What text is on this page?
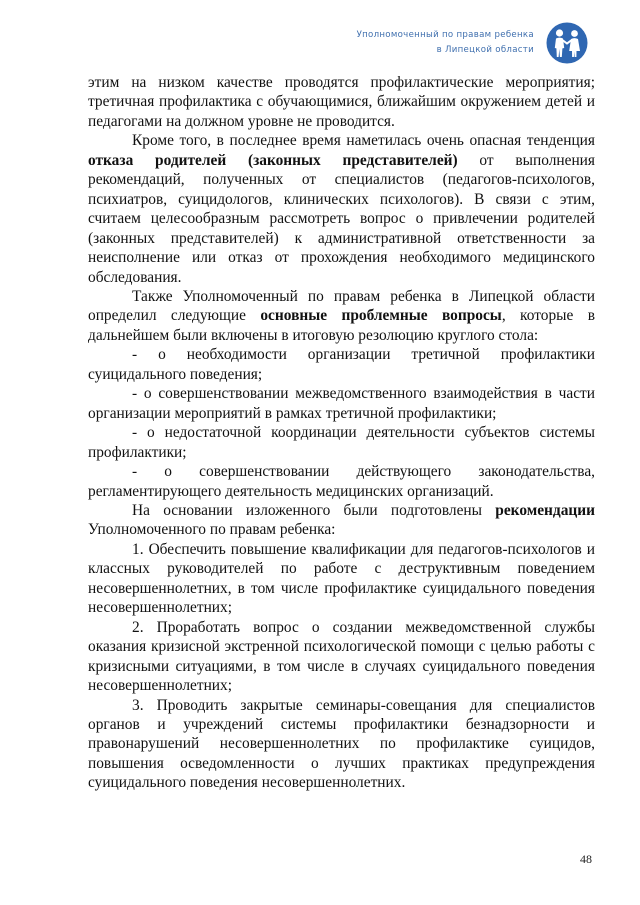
Уполномоченный по правам ребенка
в Липецкой области

этим на низком качестве проводятся профилактические мероприятия; третичная профилактика с обучающимися, ближайшим окружением детей и педагогами на должном уровне не проводится.

Кроме того, в последнее время наметилась очень опасная тенденция отказа родителей (законных представителей) от выполнения рекомендаций, полученных от специалистов (педагогов-психологов, психиатров, суицидологов, клинических психологов). В связи с этим, считаем целесообразным рассмотреть вопрос о привлечении родителей (законных представителей) к административной ответственности за неисполнение или отказ от прохождения необходимого медицинского обследования.

Также Уполномоченный по правам ребенка в Липецкой области определил следующие основные проблемные вопросы, которые в дальнейшем были включены в итоговую резолюцию круглого стола:

- о необходимости организации третичной профилактики суицидального поведения;

- о совершенствовании межведомственного взаимодействия в части организации мероприятий в рамках третичной профилактики;

- о недостаточной координации деятельности субъектов системы профилактики;

- о совершенствовании действующего законодательства, регламентирующего деятельность медицинских организаций.

На основании изложенного были подготовлены рекомендации Уполномоченного по правам ребенка:

1. Обеспечить повышение квалификации для педагогов-психологов и классных руководителей по работе с деструктивным поведением несовершеннолетних, в том числе профилактике суицидального поведения несовершеннолетних;

2. Проработать вопрос о создании межведомственной службы оказания кризисной экстренной психологической помощи с целью работы с кризисными ситуациями, в том числе в случаях суицидального поведения несовершеннолетних;

3. Проводить закрытые семинары-совещания для специалистов органов и учреждений системы профилактики безнадзорности и правонарушений несовершеннолетних по профилактике суицидов, повышения осведомленности о лучших практиках предупреждения суицидального поведения несовершеннолетних.

48
